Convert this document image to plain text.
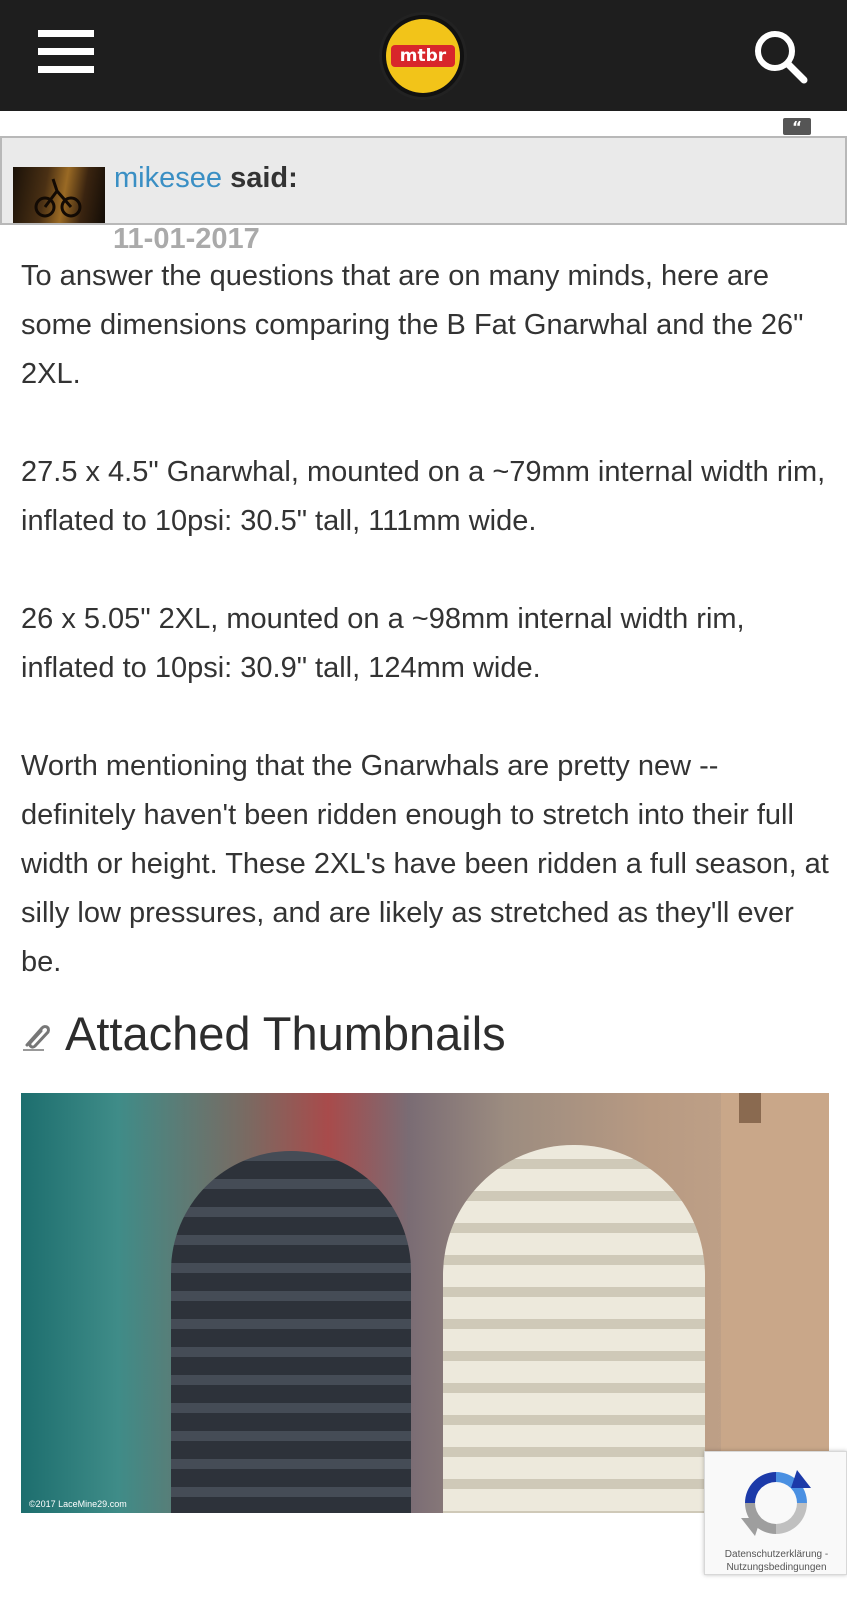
mtbr
“
mikesee said:
11-01-2017

To answer the questions that are on many minds, here are some dimensions comparing the B Fat Gnarwhal and the 26" 2XL.

27.5 x 4.5" Gnarwhal, mounted on a ~79mm internal width rim, inflated to 10psi: 30.5" tall, 111mm wide.

26 x 5.05" 2XL, mounted on a ~98mm internal width rim, inflated to 10psi: 30.9" tall, 124mm wide.

Worth mentioning that the Gnarwhals are pretty new -- definitely haven't been ridden enough to stretch into their full width or height. These 2XL's have been ridden a full season, at silly low pressures, and are likely as stretched as they'll ever be.

Attached Thumbnails
©2017 LaceMine29.com
Datenschutzerklärung -
Nutzungsbedingungen
